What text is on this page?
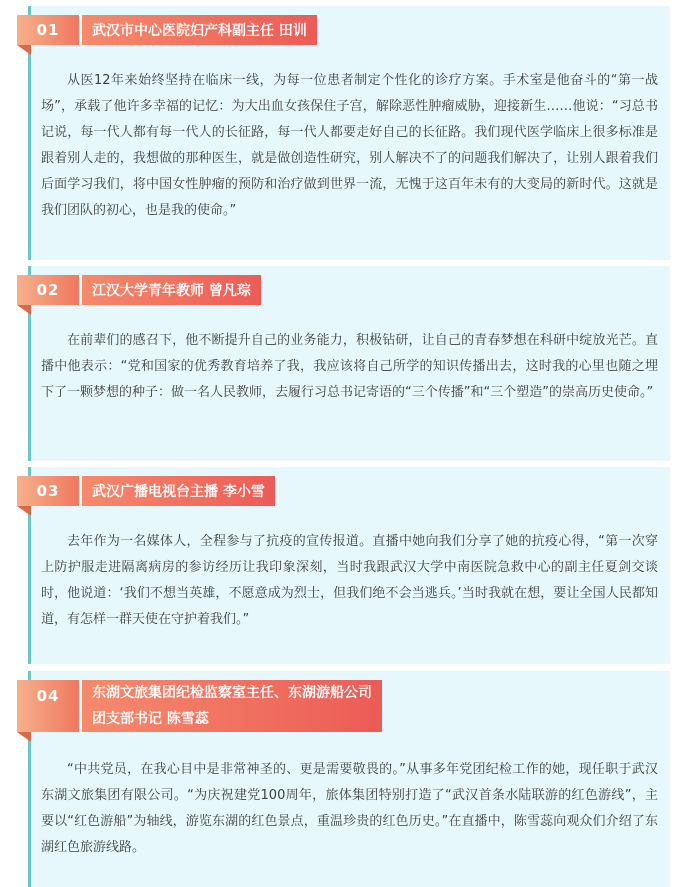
01	武汉市中心医院妇产科副主任 田训

从医12年来始终坚持在临床一线，为每一位患者制定个性化的诊疗方案。手术室是他奋斗的“第一战场”，承载了他许多幸福的记忆：为大出血女孩保住子宫，解除恶性肿瘤威胁，迎接新生……他说：“习总书记说，每一代人都有每一代人的长征路，每一代人都要走好自己的长征路。我们现代医学临床上很多标准是跟着别人走的，我想做的那种医生，就是做创造性研究，别人解决不了的问题我们解决了，让别人跟着我们后面学习我们，将中国女性肿瘤的预防和治疗做到世界一流，无愧于这百年未有的大变局的新时代。这就是我们团队的初心，也是我的使命。”

02	江汉大学青年教师 曾凡琮

在前辈们的感召下，他不断提升自己的业务能力，积极钻研，让自己的青春梦想在科研中绽放光芒。直播中他表示：“党和国家的优秀教育培养了我，我应该将自己所学的知识传播出去，这时我的心里也随之埋下了一颗梦想的种子：做一名人民教师，去履行习总书记寄语的“三个传播”和“三个塑造”的崇高历史使命。”

03	武汉广播电视台主播 李小雪

去年作为一名媒体人，全程参与了抗疫的宣传报道。直播中她向我们分享了她的抗疫心得，“第一次穿上防护服走进隔离病房的参访经历让我印象深刻，当时我跟武汉大学中南医院急救中心的副主任夏剑交谈时，他说道：‘我们不想当英雄，不愿意成为烈士，但我们绝不会当逃兵。’当时我就在想，要让全国人民都知道，有怎样一群天使在守护着我们。”

04	东湖文旅集团纪检监察室主任、东湖游船公司
团支部书记 陈雪蕊

“中共党员，在我心目中是非常神圣的、更是需要敬畏的。”从事多年党团纪检工作的她，现任职于武汉东湖文旅集团有限公司。“为庆祝建党100周年，旅体集团特别打造了“武汉首条水陆联游的红色游线”，主要以“红色游船”为轴线，游览东湖的红色景点，重温珍贵的红色历史。”在直播中，陈雪蕊向观众们介绍了东湖红色旅游线路。
